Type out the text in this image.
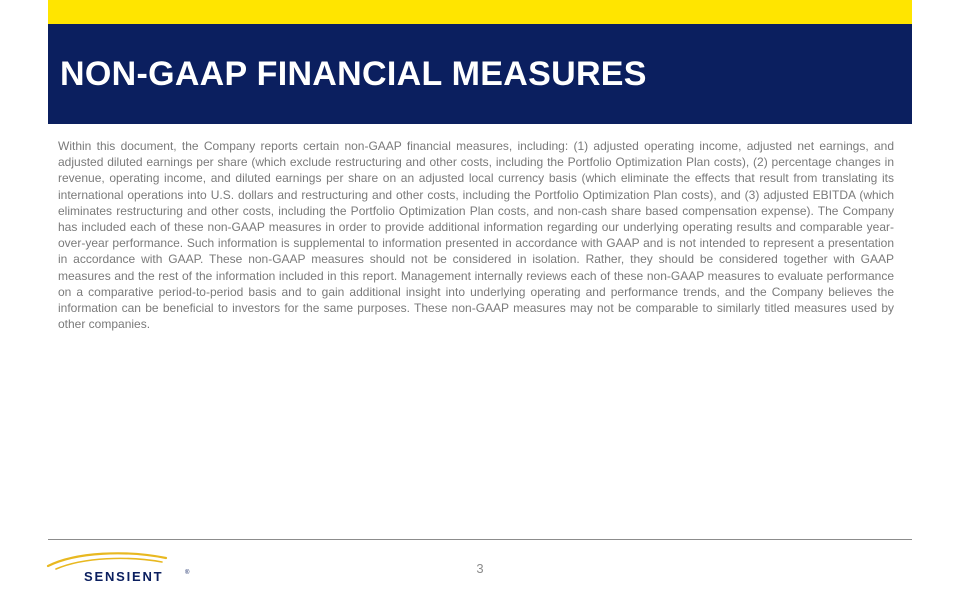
NON-GAAP FINANCIAL MEASURES

Within this document, the Company reports certain non-GAAP financial measures, including: (1) adjusted operating income, adjusted net earnings, and adjusted diluted earnings per share (which exclude restructuring and other costs, including the Portfolio Optimization Plan costs), (2) percentage changes in revenue, operating income, and diluted earnings per share on an adjusted local currency basis (which eliminate the effects that result from translating its international operations into U.S. dollars and restructuring and other costs, including the Portfolio Optimization Plan costs), and (3) adjusted EBITDA (which eliminates restructuring and other costs, including the Portfolio Optimization Plan costs, and non-cash share based compensation expense). The Company has included each of these non-GAAP measures in order to provide additional information regarding our underlying operating results and comparable year-over-year performance. Such information is supplemental to information presented in accordance with GAAP and is not intended to represent a presentation in accordance with GAAP. These non-GAAP measures should not be considered in isolation. Rather, they should be considered together with GAAP measures and the rest of the information included in this report. Management internally reviews each of these non-GAAP measures to evaluate performance on a comparative period-to-period basis and to gain additional insight into underlying operating and performance trends, and the Company believes the information can be beneficial to investors for the same purposes. These non-GAAP measures may not be comparable to similarly titled measures used by other companies.

SENSIENT	®	3
